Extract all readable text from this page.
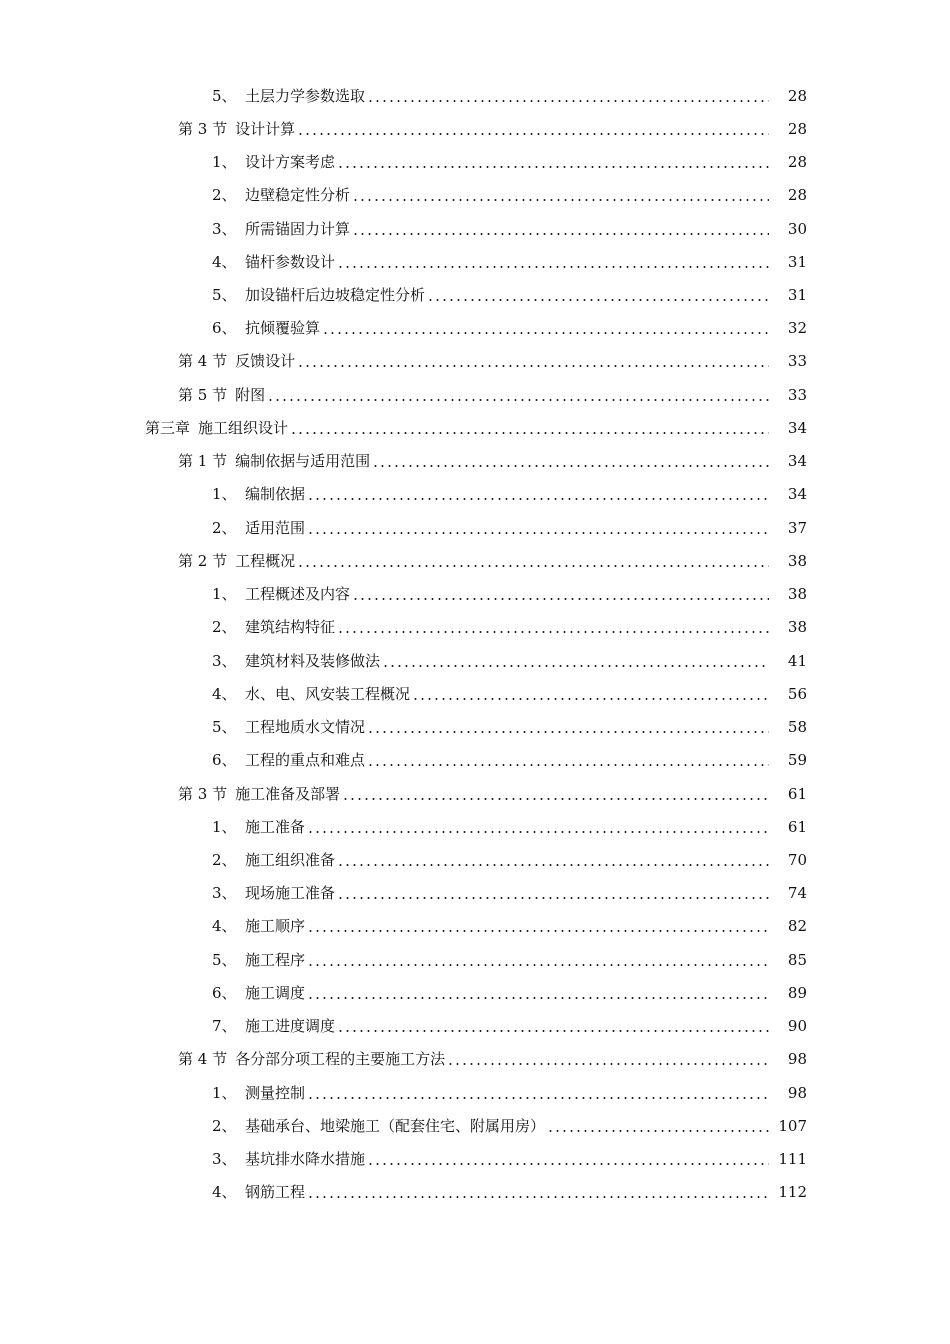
5、 土层力学参数选取	28
第 3 节 设计计算	28
1、 设计方案考虑	28
2、 边壁稳定性分析	28
3、 所需锚固力计算	30
4、 锚杆参数设计	31
5、 加设锚杆后边坡稳定性分析	31
6、 抗倾覆验算	32
第 4 节 反馈设计	33
第 5 节 附图	33
第三章 施工组织设计	34
第 1 节 编制依据与适用范围	34
1、 编制依据	34
2、 适用范围	37
第 2 节 工程概况	38
1、 工程概述及内容	38
2、 建筑结构特征	38
3、 建筑材料及装修做法	41
4、 水、电、风安装工程概况	56
5、 工程地质水文情况	58
6、 工程的重点和难点	59
第 3 节 施工准备及部署	61
1、 施工准备	61
2、 施工组织准备	70
3、 现场施工准备	74
4、 施工顺序	82
5、 施工程序	85
6、 施工调度	89
7、 施工进度调度	90
第 4 节 各分部分项工程的主要施工方法	98
1、 测量控制	98
2、 基础承台、地梁施工（配套住宅、附属用房）	107
3、 基坑排水降水措施	111
4、 钢筋工程	112
